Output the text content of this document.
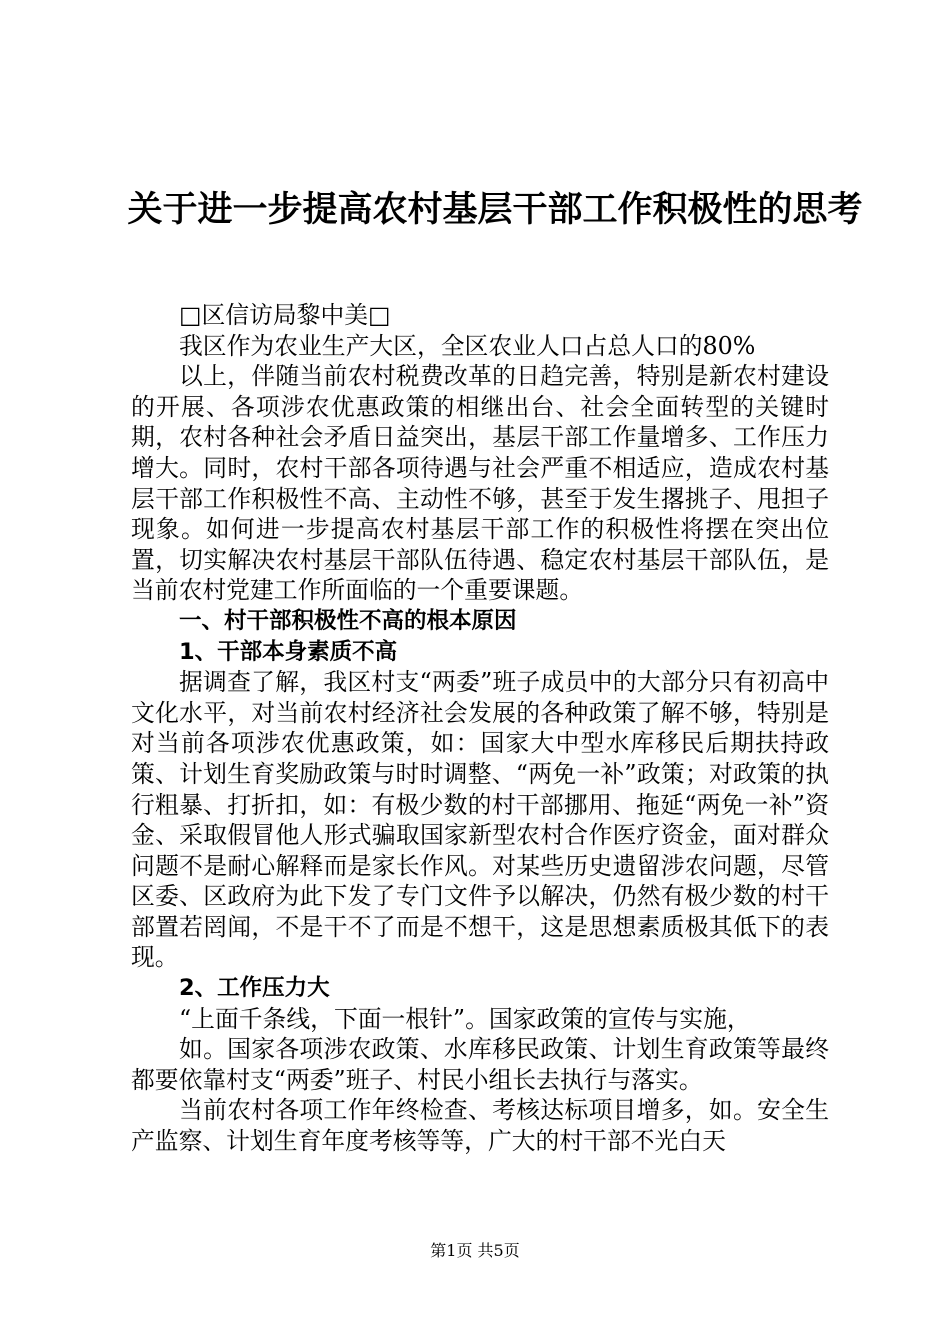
关于进一步提高农村基层干部工作积极性的思考

□区信访局黎中美□

我区作为农业生产大区，全区农业人口占总人口的80%

以上，伴随当前农村税费改革的日趋完善，特别是新农村建设的开展、各项涉农优惠政策的相继出台、社会全面转型的关键时期，农村各种社会矛盾日益突出，基层干部工作量增多、工作压力增大。同时，农村干部各项待遇与社会严重不相适应，造成农村基层干部工作积极性不高、主动性不够，甚至于发生撂挑子、甩担子现象。如何进一步提高农村基层干部工作的积极性将摆在突出位置，切实解决农村基层干部队伍待遇、稳定农村基层干部队伍，是当前农村党建工作所面临的一个重要课题。

一、村干部积极性不高的根本原因

1、干部本身素质不高

据调查了解，我区村支“两委”班子成员中的大部分只有初高中文化水平，对当前农村经济社会发展的各种政策了解不够，特别是对当前各项涉农优惠政策，如：国家大中型水库移民后期扶持政策、计划生育奖励政策与时时调整、“两免一补”政策；对政策的执行粗暴、打折扣，如：有极少数的村干部挪用、拖延“两免一补”资金、采取假冒他人形式骗取国家新型农村合作医疗资金，面对群众问题不是耐心解释而是家长作风。对某些历史遗留涉农问题，尽管区委、区政府为此下发了专门文件予以解决，仍然有极少数的村干部置若罔闻，不是干不了而是不想干，这是思想素质极其低下的表现。

2、工作压力大

“上面千条线，下面一根针”。国家政策的宣传与实施，

如。国家各项涉农政策、水库移民政策、计划生育政策等最终都要依靠村支“两委”班子、村民小组长去执行与落实。

当前农村各项工作年终检查、考核达标项目增多，如。安全生产监察、计划生育年度考核等等，广大的村干部不光白天

第1页 共5页
